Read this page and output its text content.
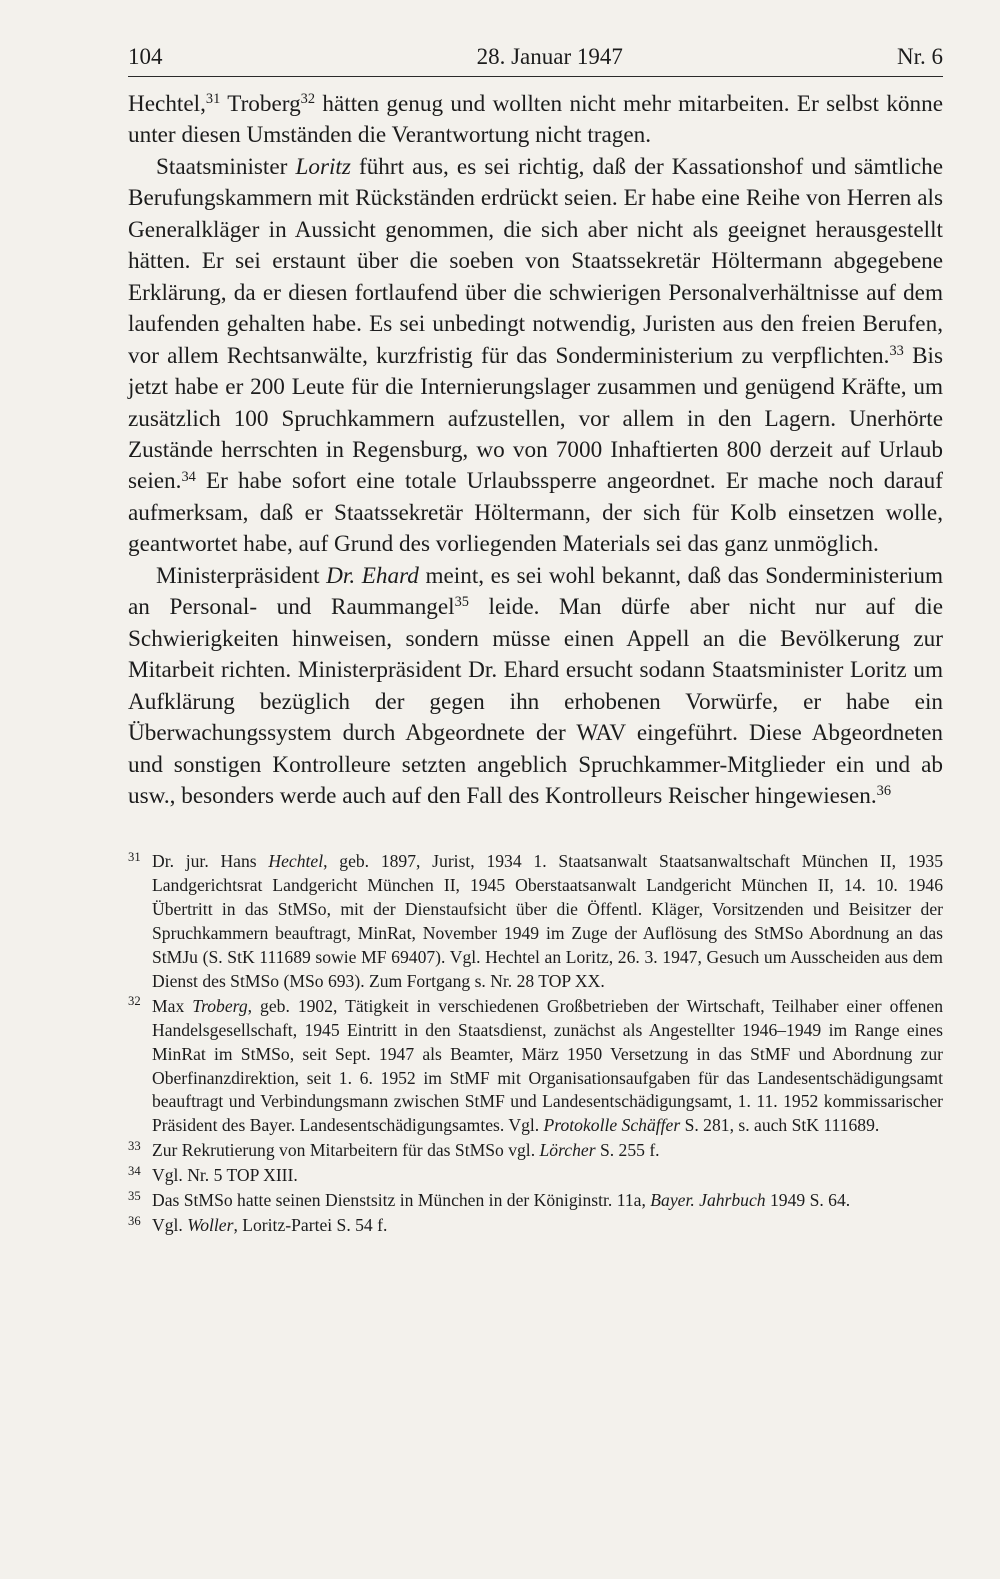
104	28. Januar 1947	Nr. 6

Hechtel,$^{31}$ Troberg$^{32}$ hätten genug und wollten nicht mehr mitarbeiten. Er selbst könne unter diesen Umständen die Verantwortung nicht tragen.

Staatsminister Loritz führt aus, es sei richtig, daß der Kassationshof und sämtliche Berufungskammern mit Rückständen erdrückt seien. Er habe eine Reihe von Herren als Generalkläger in Aussicht genommen, die sich aber nicht als geeignet herausgestellt hätten. Er sei erstaunt über die soeben von Staatssekretär Höltermann abgegebene Erklärung, da er diesen fortlaufend über die schwierigen Personalverhältnisse auf dem laufenden gehalten habe. Es sei unbedingt notwendig, Juristen aus den freien Berufen, vor allem Rechtsanwälte, kurzfristig für das Sonderministerium zu verpflichten.$^{33}$ Bis jetzt habe er 200 Leute für die Internierungslager zusammen und genügend Kräfte, um zusätzlich 100 Spruchkammern aufzustellen, vor allem in den Lagern. Unerhörte Zustände herrschten in Regensburg, wo von 7000 Inhaftierten 800 derzeit auf Urlaub seien.$^{34}$ Er habe sofort eine totale Urlaubssperre angeordnet. Er mache noch darauf aufmerksam, daß er Staatssekretär Höltermann, der sich für Kolb einsetzen wolle, geantwortet habe, auf Grund des vorliegenden Materials sei das ganz unmöglich.

Ministerpräsident Dr. Ehard meint, es sei wohl bekannt, daß das Sonderministerium an Personal- und Raummangel$^{35}$ leide. Man dürfe aber nicht nur auf die Schwierigkeiten hinweisen, sondern müsse einen Appell an die Bevölkerung zur Mitarbeit richten. Ministerpräsident Dr. Ehard ersucht sodann Staatsminister Loritz um Aufklärung bezüglich der gegen ihn erhobenen Vorwürfe, er habe ein Überwachungssystem durch Abgeordnete der WAV eingeführt. Diese Abgeordneten und sonstigen Kontrolleure setzten angeblich Spruchkammer-Mitglieder ein und ab usw., besonders werde auch auf den Fall des Kontrolleurs Reischer hingewiesen.$^{36}$

31 Dr. jur. Hans Hechtel, geb. 1897, Jurist, 1934 1. Staatsanwalt Staatsanwaltschaft München II, 1935 Landgerichtsrat Landgericht München II, 1945 Oberstaatsanwalt Landgericht München II, 14. 10. 1946 Übertritt in das StMSo, mit der Dienstaufsicht über die Öffentl. Kläger, Vorsitzenden und Beisitzer der Spruchkammern beauftragt, MinRat, November 1949 im Zuge der Auflösung des StMSo Abordnung an das StMJu (S. StK 111689 sowie MF 69407). Vgl. Hechtel an Loritz, 26. 3. 1947, Gesuch um Ausscheiden aus dem Dienst des StMSo (MSo 693). Zum Fortgang s. Nr. 28 TOP XX.
32 Max Troberg, geb. 1902, Tätigkeit in verschiedenen Großbetrieben der Wirtschaft, Teilhaber einer offenen Handelsgesellschaft, 1945 Eintritt in den Staatsdienst, zunächst als Angestellter 1946–1949 im Range eines MinRat im StMSo, seit Sept. 1947 als Beamter, März 1950 Versetzung in das StMF und Abordnung zur Oberfinanzdirektion, seit 1. 6. 1952 im StMF mit Organisationsaufgaben für das Landesentschädigungsamt beauftragt und Verbindungsmann zwischen StMF und Landesentschädigungsamt, 1. 11. 1952 kommissarischer Präsident des Bayer. Landesentschädigungsamtes. Vgl. Protokolle Schäffer S. 281, s. auch StK 111689.
33 Zur Rekrutierung von Mitarbeitern für das StMSo vgl. Lörcher S. 255 f.
34 Vgl. Nr. 5 TOP XIII.
35 Das StMSo hatte seinen Dienstsitz in München in der Königinstr. 11a, Bayer. Jahrbuch 1949 S. 64.
36 Vgl. Woller, Loritz-Partei S. 54 f.
